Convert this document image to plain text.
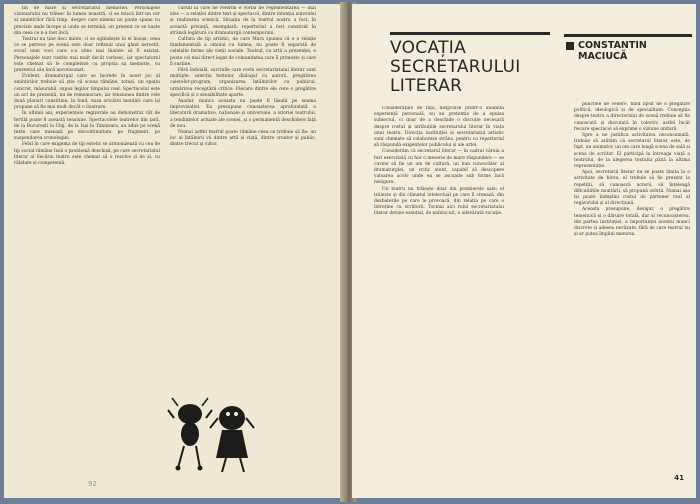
țin de mare și secretariatul memoriei. Personajele vizionarului nu trăiesc în lumea noastră, ci se mișcă într-un cer al amintirilor fără timp, despre care nimeni nu poate spune cu precizie unde începe și unde se termină; un prezent ce se naște din ceea ce n-a fost încă.

Teatrul nu ține deci minte, ci se oglindește în el însuși; ceea ce se petrece pe scenă este doar reflexul unui gând nerostit, ecoul unei voci care s-a stins mai înainte să fi existat. Personajele sunt rostite mai mult decât vorbesc, iar spectatorul este chemat să le completeze cu propria sa memorie, cu prezentul său încă neconsumat.

Evident, dramaturgul care se încrede în acest joc al amintirilor trebuie să știe că scena rămâne, totuși, un spațiu concret, măsurabil, supus legilor timpului real. Spectacolul este un act de prezență, nu de rememorare, iar tensiunea dintre cele două planuri constituie, în fond, miza oricărei montări care își propune să fie mai mult decât o ilustrare.

În ultimii ani, experiențele regizorale au demonstrat cât de fertilă poate fi această tensiune. Spectacolele teatrelor din țară, de la București la Cluj, de la Iași la Timișoara, au adus pe scenă texte care mizează pe discontinuitate, pe fragment, pe suspendarea cronologiei.

Felul în care exigența de tip estetic se armonizează cu cea de tip social rămâne însă o problemă deschisă, pe care secretariatul literar al fiecărui teatru este chemat să o rezolve zi de zi, cu răbdare și competență.

cursul la care ne referim e vorba de reglementarea — mai ales — a relației dintre text și spectacol, dintre intenția autorului și realizarea scenică. Situația de la teatrul nostru a fost, în această privință, exemplară: repertoriul a fost construit în strânsă legătură cu dramaturgii contemporani.

Cultura de tip artistic, de care Marx spunea că e o relație fundamentală a omului cu lumea, nu poate fi separată de celelalte forme ale vieții sociale. Teatrul, ca artă a prezenței, e poate cel mai direct legat de comunitatea care îl primește și care îl susține.

Fără îndoială, sarcinile care revin secretariatului literar sunt multiple: selecția textelor, dialogul cu autorii, pregătirea caietelor-program, organizarea întâlnirilor cu publicul, urmărirea receptării critice. Fiecare dintre ele cere o pregătire specifică și o sensibilitate aparte.

Așadar, munca aceasta nu poate fi lăsată pe seama improvizației. Ea presupune cunoașterea aprofundată a literaturii dramatice, naționale și universale, a istoriei teatrului, a tendințelor actuale ale scenei, și o permanentă deschidere față de nou.

Numai astfel teatrul poate rămâne ceea ce trebuie să fie: un loc al întâlnirii vii dintre artă și viață, dintre creator și public, dintre trecut și viitor.

92
VOCAȚIA SECRETARULUI LITERAR
CONSTANTIN MACIUCĂ

Considerațiile de față, desprinse printr-o anumită experiență personală, nu au pretenția de a epuiza subiectul, ci doar de a deschide o discuție necesară despre rostul și atribuțiile secretarului literar în viața unui teatru. Direcția instituției și secretariatul artistic sunt chemate să colaboreze strâns, pentru ca repertoriul să răspundă exigențelor publicului și ale artei.

Considerăm că secretarul literar — în cadrul căruia a fost exercitată cu har o meserie de mare răspundere — se cuvine să fie un om de cultură, un bun cunoscător al dramaturgiei, un critic atent, capabil să descopere valoarea acolo unde ea se ascunde sub forme încă nesigure.

Un teatru nu trăiește doar din premierele sale; el trăiește și din climatul intelectual pe care îl creează, din dezbaterile pe care le provoacă, din relația pe care o întreține cu scriitorii. Tocmai aici rolul secretariatului literar devine esențial, de neînlocuit, o adevărată vocație.

punctele de vedere, fiind lipsit de o pregătire politică, ideologică și de specialitate. Concepția despre teatru a directorului de scenă trebuie să fie cunoscută și discutată în colectiv, astfel încât fiecare spectacol să exprime o viziune unitară.

Spre a ne justifica activitatea neconsumată, trebuie să arătăm că secretarul literar este, de fapt, un animator, un om care leagă scena de sală și scena de scriitor. El participă la întreaga viață a teatrului, de la alegerea textului până la ultima reprezentație.

Apoi, secretarul literar nu se poate limita la o activitate de birou; el trebuie să fie prezent la repetiții, să cunoască actorii, să înțeleagă dificultățile montării, să propună soluții. Numai așa își poate îndeplini rostul de partener real al regizorului și al direcțiunii.

Aceasta presupune, desigur, o pregătire temeinică și o dăruire totală, dar și recunoașterea, din partea instituției, a importanței acestei munci discrete și adesea nevăzute, fără de care teatrul nu și-ar putea împlini menirea.

41
